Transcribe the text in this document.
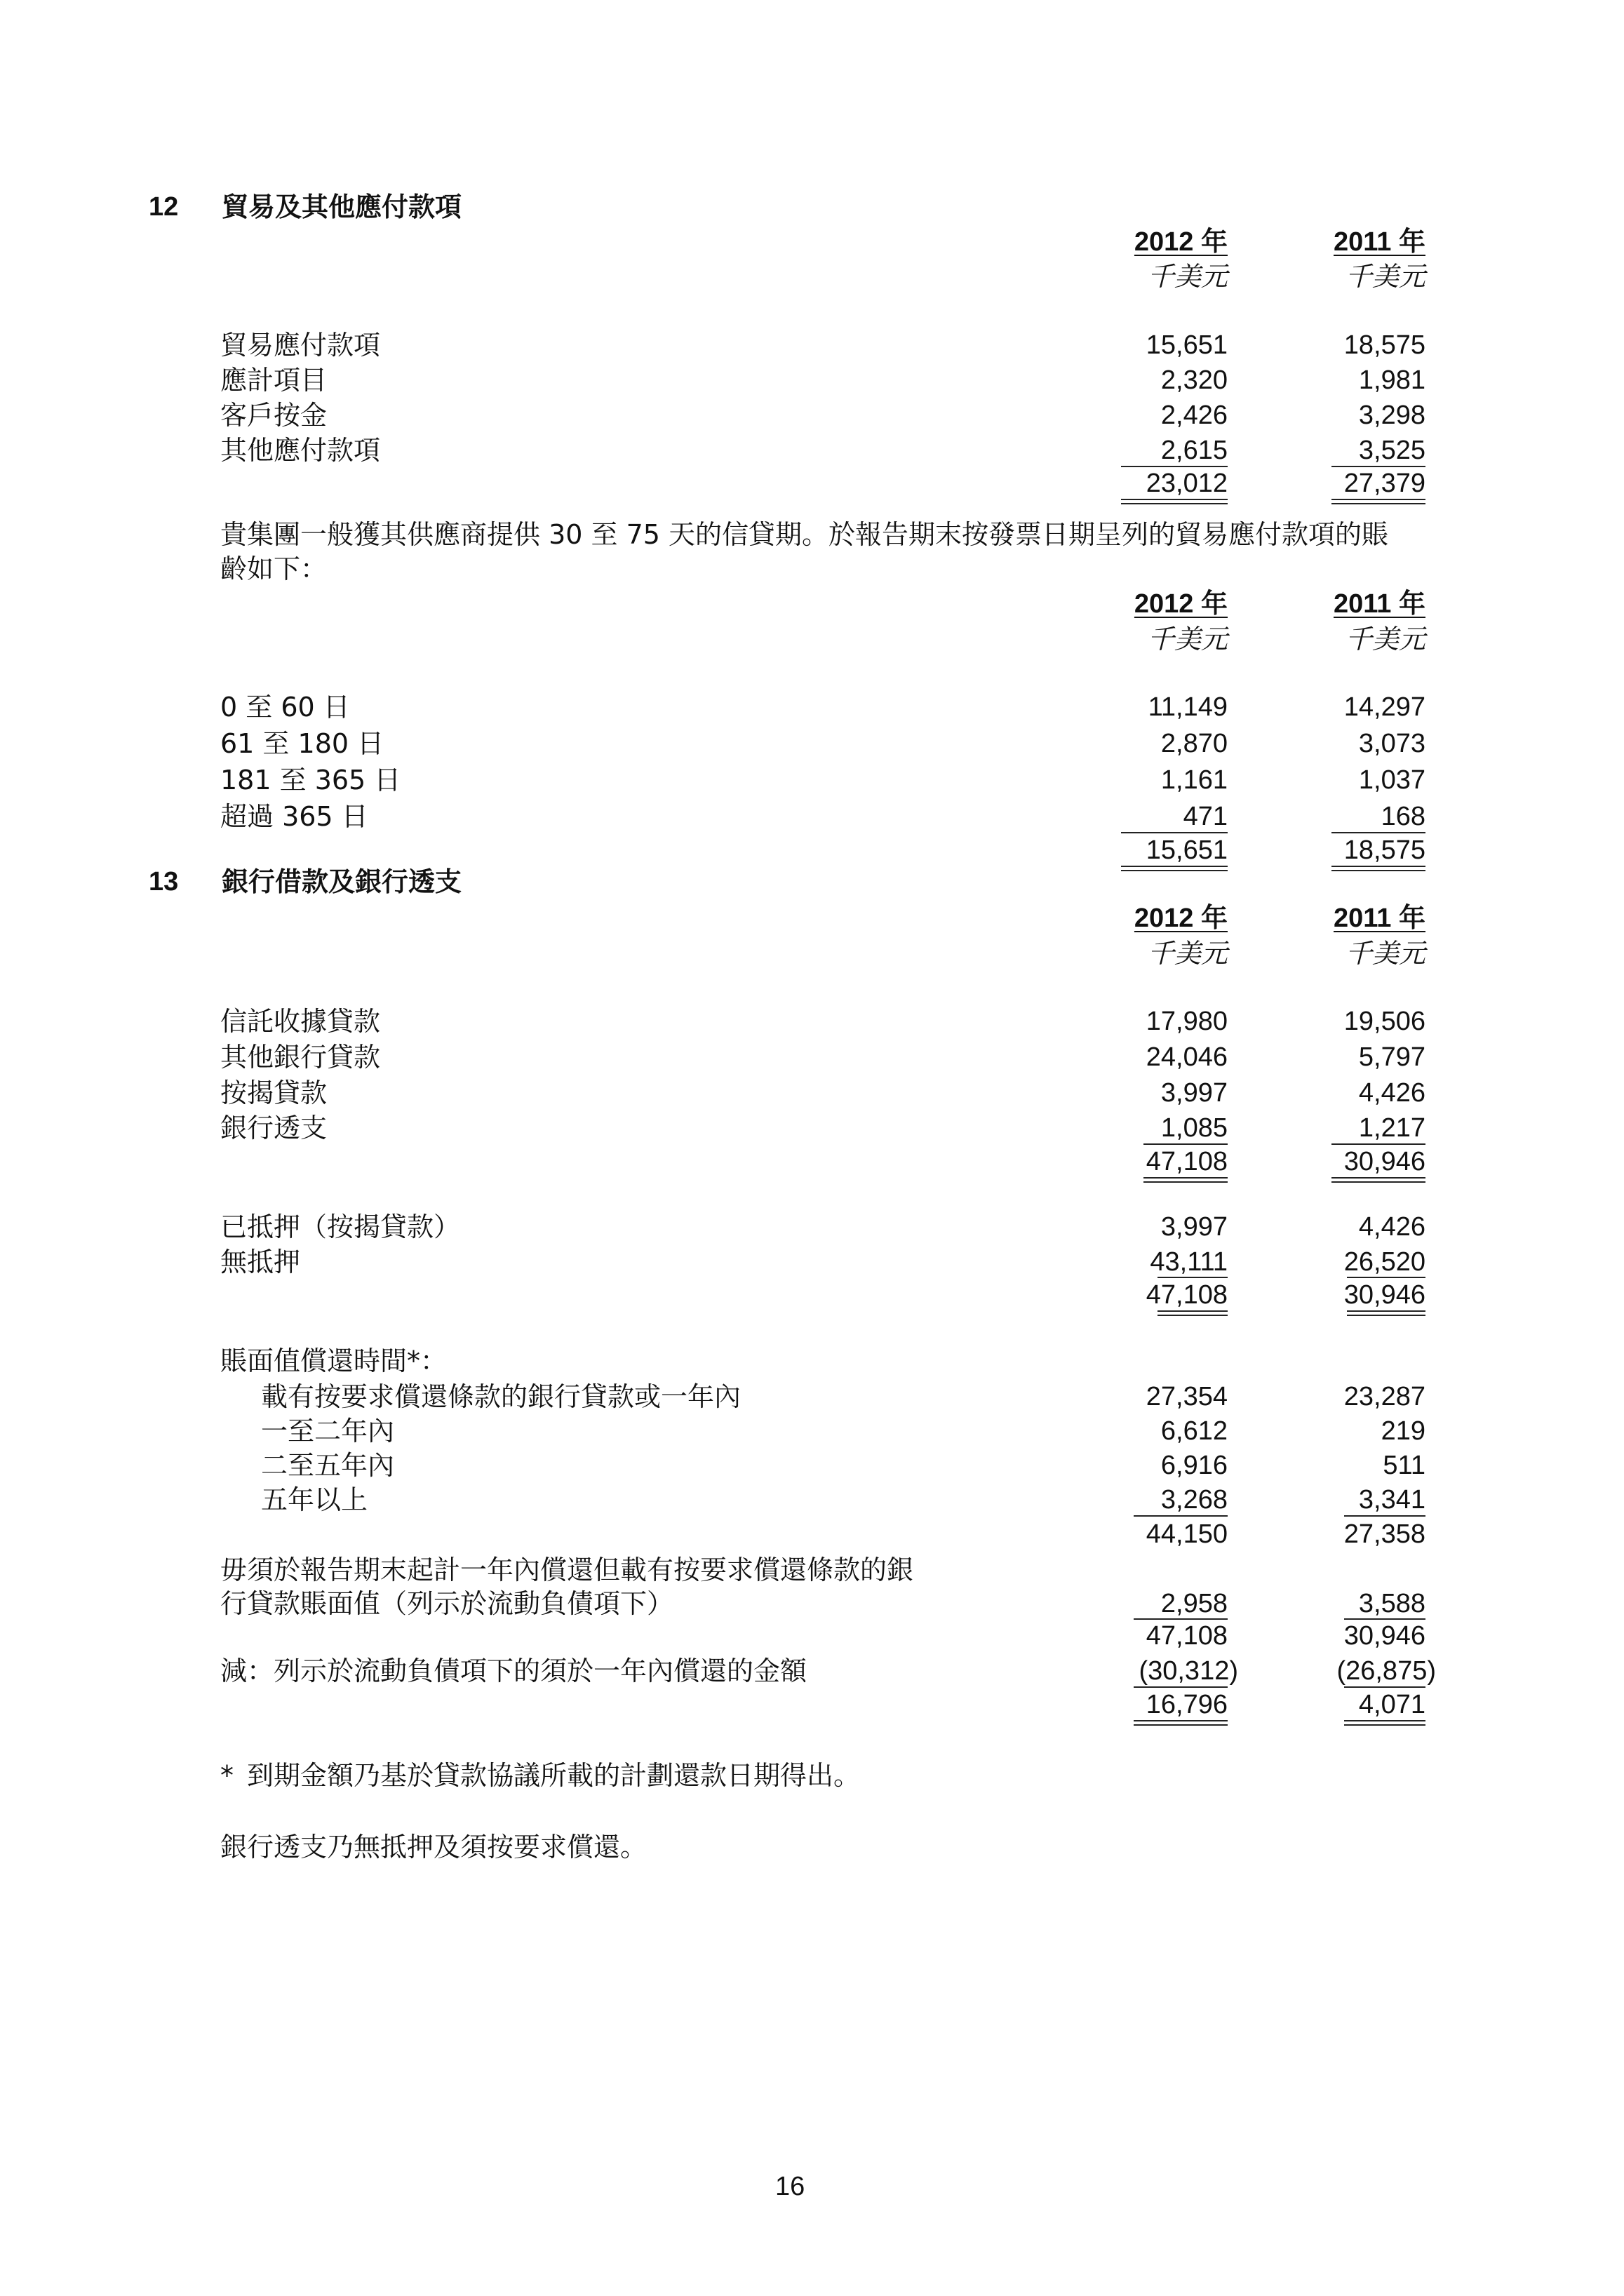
12 貿易及其他應付款項
2012 年	2011 年
千美元	千美元
貿易應付款項	15,651	18,575
應計項目	2,320	1,981
客戶按金	2,426	3,298
其他應付款項	2,615	3,525
23,012	27,379
貴集團一般獲其供應商提供 30 至 75 天的信貸期。於報告期末按發票日期呈列的貿易應付款項的賬
齡如下：
2012 年	2011 年
千美元	千美元
0 至 60 日	11,149	14,297
61 至 180 日	2,870	3,073
181 至 365 日	1,161	1,037
超過 365 日	471	168
15,651	18,575
13 銀行借款及銀行透支
2012 年	2011 年
千美元	千美元
信託收據貸款	17,980	19,506
其他銀行貸款	24,046	5,797
按揭貸款	3,997	4,426
銀行透支	1,085	1,217
47,108	30,946
已抵押（按揭貸款）	3,997	4,426
無抵押	43,111	26,520
47,108	30,946
賬面值償還時間*：
載有按要求償還條款的銀行貸款或一年內	27,354	23,287
一至二年內	6,612	219
二至五年內	6,916	511
五年以上	3,268	3,341
44,150	27,358
毋須於報告期末起計一年內償還但載有按要求償還條款的銀
行貸款賬面值（列示於流動負債項下）	2,958	3,588
47,108	30,946
減：列示於流動負債項下的須於一年內償還的金額	(30,312)	(26,875)
16,796	4,071
* 到期金額乃基於貸款協議所載的計劃還款日期得出。
銀行透支乃無抵押及須按要求償還。
16
